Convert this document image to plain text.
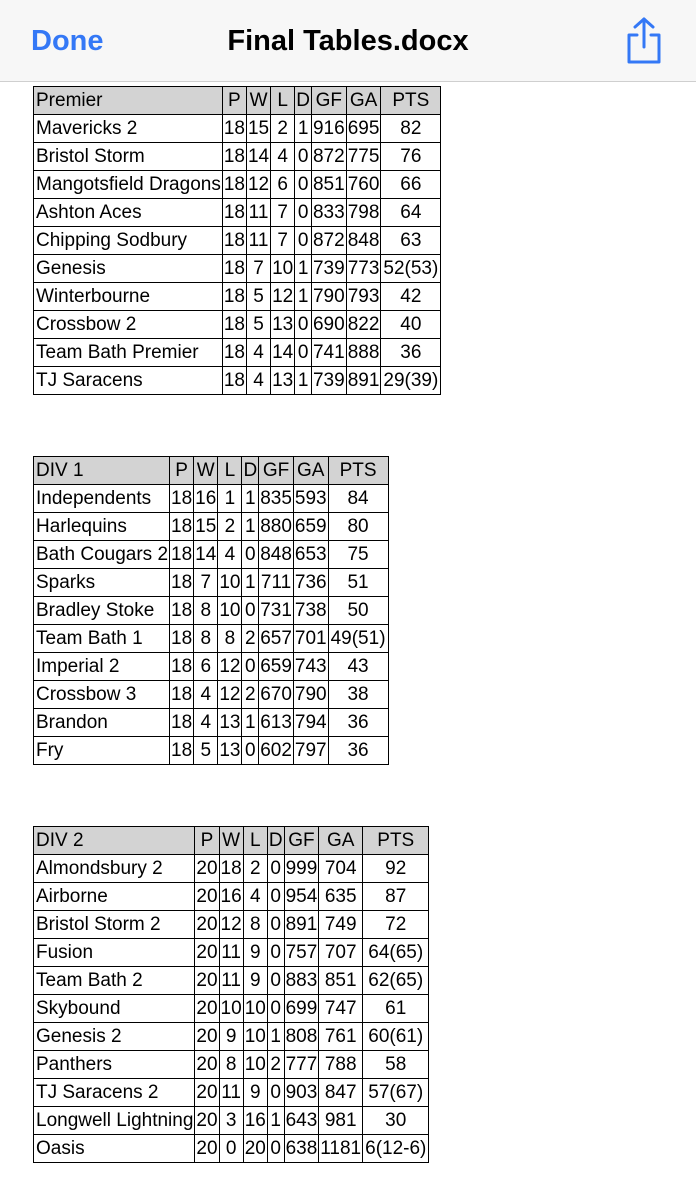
Done	Final Tables.docx
Premier	P	W	L	D	GF	GA	PTS
Mavericks 2	18	15	2	1	916	695	82
Bristol Storm	18	14	4	0	872	775	76
Mangotsfield Dragons	18	12	6	0	851	760	66
Ashton Aces	18	11	7	0	833	798	64
Chipping Sodbury	18	11	7	0	872	848	63
Genesis	18	7	10	1	739	773	52(53)
Winterbourne	18	5	12	1	790	793	42
Crossbow 2	18	5	13	0	690	822	40
Team Bath Premier	18	4	14	0	741	888	36
TJ Saracens	18	4	13	1	739	891	29(39)
DIV 1	P	W	L	D	GF	GA	PTS
Independents	18	16	1	1	835	593	84
Harlequins	18	15	2	1	880	659	80
Bath Cougars 2	18	14	4	0	848	653	75
Sparks	18	7	10	1	711	736	51
Bradley Stoke	18	8	10	0	731	738	50
Team Bath 1	18	8	8	2	657	701	49(51)
Imperial 2	18	6	12	0	659	743	43
Crossbow 3	18	4	12	2	670	790	38
Brandon	18	4	13	1	613	794	36
Fry	18	5	13	0	602	797	36
DIV 2	P	W	L	D	GF	GA	PTS
Almondsbury 2	20	18	2	0	999	704	92
Airborne	20	16	4	0	954	635	87
Bristol Storm 2	20	12	8	0	891	749	72
Fusion	20	11	9	0	757	707	64(65)
Team Bath 2	20	11	9	0	883	851	62(65)
Skybound	20	10	10	0	699	747	61
Genesis 2	20	9	10	1	808	761	60(61)
Panthers	20	8	10	2	777	788	58
TJ Saracens 2	20	11	9	0	903	847	57(67)
Longwell Lightning	20	3	16	1	643	981	30
Oasis	20	0	20	0	638	1181	6(12-6)
